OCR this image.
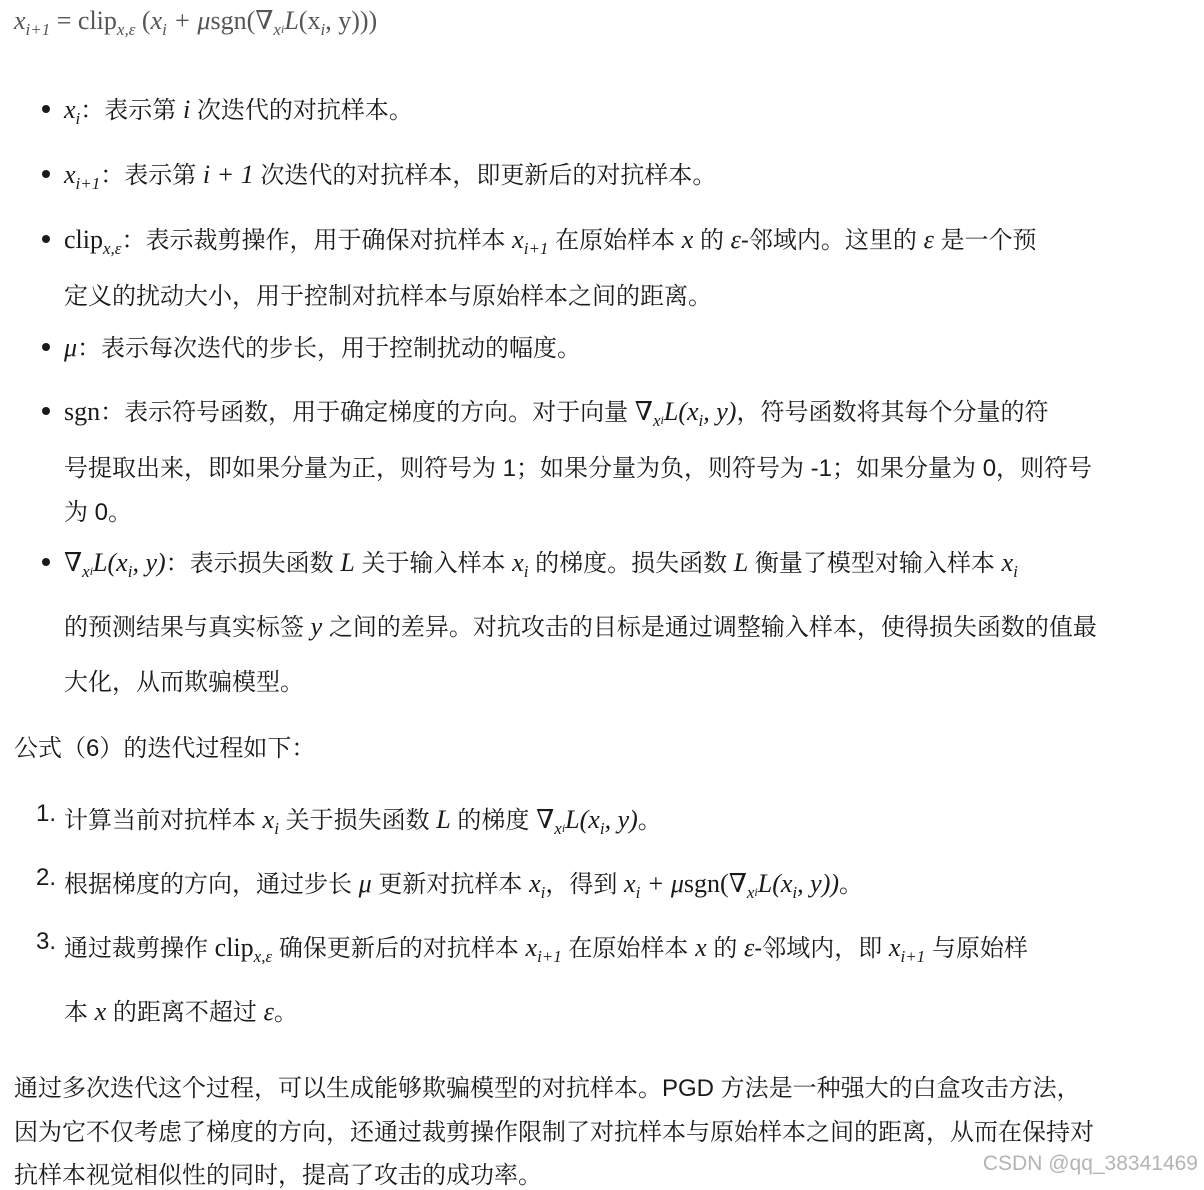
$x_{i+1}$ = clip$_{x,\varepsilon}$ ($x_i + \mu sgn(\nabla_xiL(x_i$, y)))
$x_i$：表示第 i 次迭代的对抗样本。
$x_{i+1}$：表示第 i + 1 次迭代的对抗样本，即更新后的对抗样本。
clip$_{x,\varepsilon}$：表示裁剪操作，用于确保对抗样本 $x_{i+1}$ 在原始样本 x 的 ε-邻域内。这里的 ε 是一个预
定义的扰动大小，用于控制对抗样本与原始样本之间的距离。
μ：表示每次迭代的步长，用于控制扰动的幅度。
sgn：表示符号函数，用于确定梯度的方向。对于向量 $\nabla_xiL(x_i$, y)，符号函数将其每个分量的符
号提取出来，即如果分量为正，则符号为 1；如果分量为负，则符号为 -1；如果分量为 0，则符号
为 0。
$\nabla_xiL(x_i$, y)：表示损失函数 L 关于输入样本 $x_i$ 的梯度。损失函数 L 衡量了模型对输入样本 $x_i$
的预测结果与真实标签 y 之间的差异。对抗攻击的目标是通过调整输入样本，使得损失函数的值最
大化，从而欺骗模型。
公式（6）的迭代过程如下：
1. 计算当前对抗样本 $x_i$ 关于损失函数 L 的梯度 $\nabla_xiL(x_i$, y)。
2. 根据梯度的方向，通过步长 μ 更新对抗样本 $x_i$，得到 $x_i + \mu sgn(\nabla_xiL(x_i$, y))。
3. 通过裁剪操作 clip$_{x,\varepsilon}$ 确保更新后的对抗样本 $x_{i+1}$ 在原始样本 x 的 ε-邻域内，即 $x_{i+1}$ 与原始样
本 x 的距离不超过 ε。
通过多次迭代这个过程，可以生成能够欺骗模型的对抗样本。PGD 方法是一种强大的白盒攻击方法，
因为它不仅考虑了梯度的方向，还通过裁剪操作限制了对抗样本与原始样本之间的距离，从而在保持对
抗样本视觉相似性的同时，提高了攻击的成功率。	CSDN @qq_38341469
